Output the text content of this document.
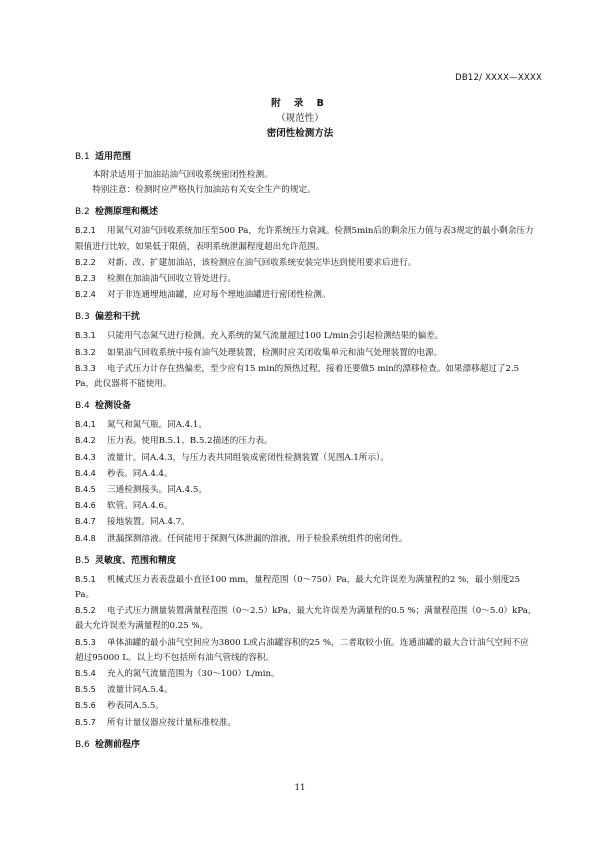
DB12/ XXXX—XXXX
附 录 B
（规范性）
密闭性检测方法
B.1 适用范围
本附录适用于加油站油气回收系统密闭性检测。
特别注意：检测时应严格执行加油站有关安全生产的规定。
B.2 检测原理和概述
B.2.1 用氮气对油气回收系统加压至500 Pa，允许系统压力衰减。检测5min后的剩余压力值与表3规定的最小剩余压力限值进行比较，如果低于限值，表明系统泄漏程度超出允许范围。
B.2.2 对新、改、扩建加油站，该检测应在油气回收系统安装完毕达到使用要求后进行。
B.2.3 检测在加油油气回收立管处进行。
B.2.4 对于非连通埋地油罐，应对每个埋地油罐进行密闭性检测。
B.3 偏差和干扰
B.3.1 只能用气态氮气进行检测。充入系统的氮气流量超过100 L/min会引起检测结果的偏差。
B.3.2 如果油气回收系统中接有油气处理装置，检测时应关闭收集单元和油气处理装置的电源。
B.3.3 电子式压力计存在热偏差，至少应有15 min的预热过程，接着还要做5 min的漂移检查。如果漂移超过了2.5 Pa，此仪器将不能使用。
B.4 检测设备
B.4.1 氮气和氮气瓶。同A.4.1。
B.4.2 压力表。使用B.5.1、B.5.2描述的压力表。
B.4.3 流量计。同A.4.3，与压力表共同组装成密闭性检测装置（见图A.1所示）。
B.4.4 秒表。同A.4.4。
B.4.5 三通检测接头。同A.4.5。
B.4.6 软管。同A.4.6。
B.4.7 接地装置。同A.4.7。
B.4.8 泄漏探测溶液。任何能用于探测气体泄漏的溶液，用于检验系统组件的密闭性。
B.5 灵敏度、范围和精度
B.5.1 机械式压力表表盘最小直径100 mm，量程范围（0～750）Pa，最大允许误差为满量程的2 %，最小刻度25 Pa。
B.5.2 电子式压力测量装置满量程范围（0～2.5）kPa，最大允许误差为满量程的0.5 %；满量程范围（0～5.0）kPa，最大允许误差为满量程的0.25 %。
B.5.3 单体油罐的最小油气空间应为3800 L或占油罐容积的25 %，二者取较小值。连通油罐的最大合计油气空间不应超过95000 L。以上均不包括所有油气管线的容积。
B.5.4 充入的氮气流量范围为（30～100）L/min。
B.5.5 流量计同A.5.4。
B.5.6 秒表同A.5.5。
B.5.7 所有计量仪器应按计量标准校准。
B.6 检测前程序
11
